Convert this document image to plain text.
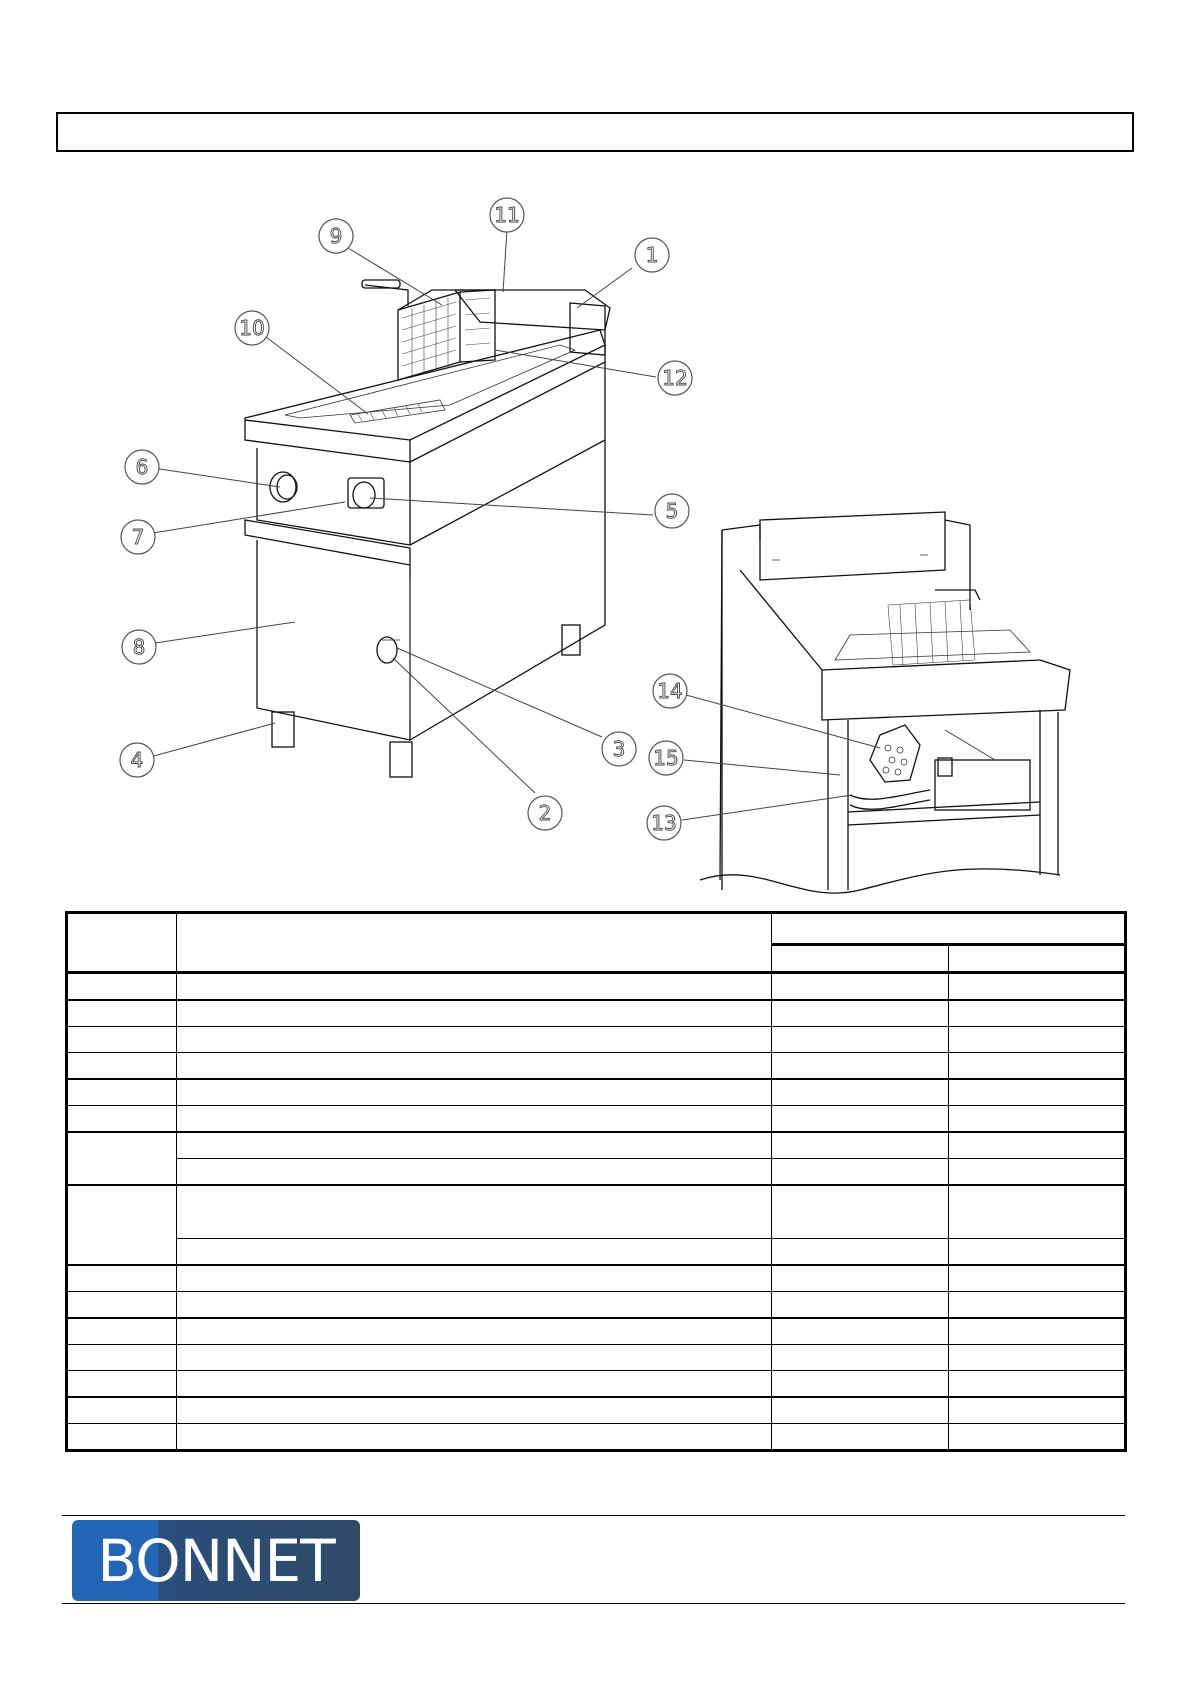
1
2
3
4
5
6
7
8
9
10
11
12
13
14
15

BONNET
